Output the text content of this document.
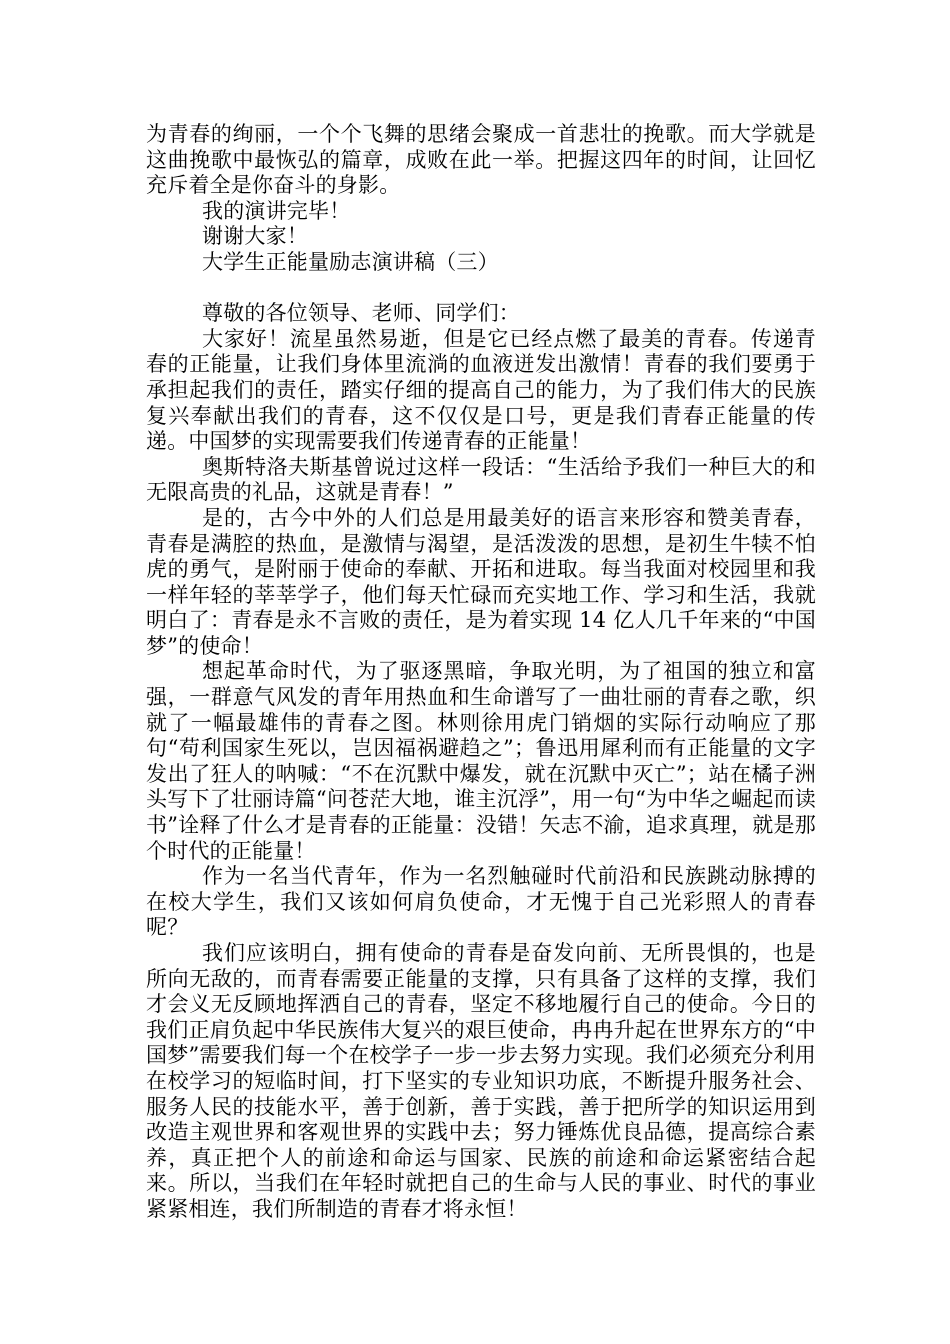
为青春的绚丽，一个个飞舞的思绪会聚成一首悲壮的挽歌。而大学就是这曲挽歌中最恢弘的篇章，成败在此一举。把握这四年的时间，让回忆充斥着全是你奋斗的身影。

我的演讲完毕！

谢谢大家！

大学生正能量励志演讲稿（三）

尊敬的各位领导、老师、同学们：

大家好！流星虽然易逝，但是它已经点燃了最美的青春。传递青春的正能量，让我们身体里流淌的血液迸发出激情！青春的我们要勇于承担起我们的责任，踏实仔细的提高自己的能力，为了我们伟大的民族复兴奉献出我们的青春，这不仅仅是口号，更是我们青春正能量的传递。中国梦的实现需要我们传递青春的正能量！

奥斯特洛夫斯基曾说过这样一段话：“生活给予我们一种巨大的和无限高贵的礼品，这就是青春！”

是的，古今中外的人们总是用最美好的语言来形容和赞美青春，青春是满腔的热血，是激情与渴望，是活泼泼的思想，是初生牛犊不怕虎的勇气，是附丽于使命的奉献、开拓和进取。每当我面对校园里和我一样年轻的莘莘学子，他们每天忙碌而充实地工作、学习和生活，我就明白了：青春是永不言败的责任，是为着实现 14 亿人几千年来的“中国梦”的使命！

想起革命时代，为了驱逐黑暗，争取光明，为了祖国的独立和富强，一群意气风发的青年用热血和生命谱写了一曲壮丽的青春之歌，织就了一幅最雄伟的青春之图。林则徐用虎门销烟的实际行动响应了那句“苟利国家生死以，岂因福祸避趋之”；鲁迅用犀利而有正能量的文字发出了狂人的呐喊：“不在沉默中爆发，就在沉默中灭亡”；站在橘子洲头写下了壮丽诗篇“问苍茫大地，谁主沉浮”，用一句“为中华之崛起而读书”诠释了什么才是青春的正能量：没错！矢志不渝，追求真理，就是那个时代的正能量！

作为一名当代青年，作为一名烈触碰时代前沿和民族跳动脉搏的在校大学生，我们又该如何肩负使命，才无愧于自己光彩照人的青春呢？

我们应该明白，拥有使命的青春是奋发向前、无所畏惧的，也是所向无敌的，而青春需要正能量的支撑，只有具备了这样的支撑，我们才会义无反顾地挥洒自己的青春，坚定不移地履行自己的使命。今日的我们正肩负起中华民族伟大复兴的艰巨使命，冉冉升起在世界东方的“中国梦”需要我们每一个在校学子一步一步去努力实现。我们必须充分利用在校学习的短临时间，打下坚实的专业知识功底，不断提升服务社会、服务人民的技能水平，善于创新，善于实践，善于把所学的知识运用到改造主观世界和客观世界的实践中去；努力锤炼优良品德，提高综合素养，真正把个人的前途和命运与国家、民族的前途和命运紧密结合起来。所以，当我们在年轻时就把自己的生命与人民的事业、时代的事业紧紧相连，我们所制造的青春才将永恒！
